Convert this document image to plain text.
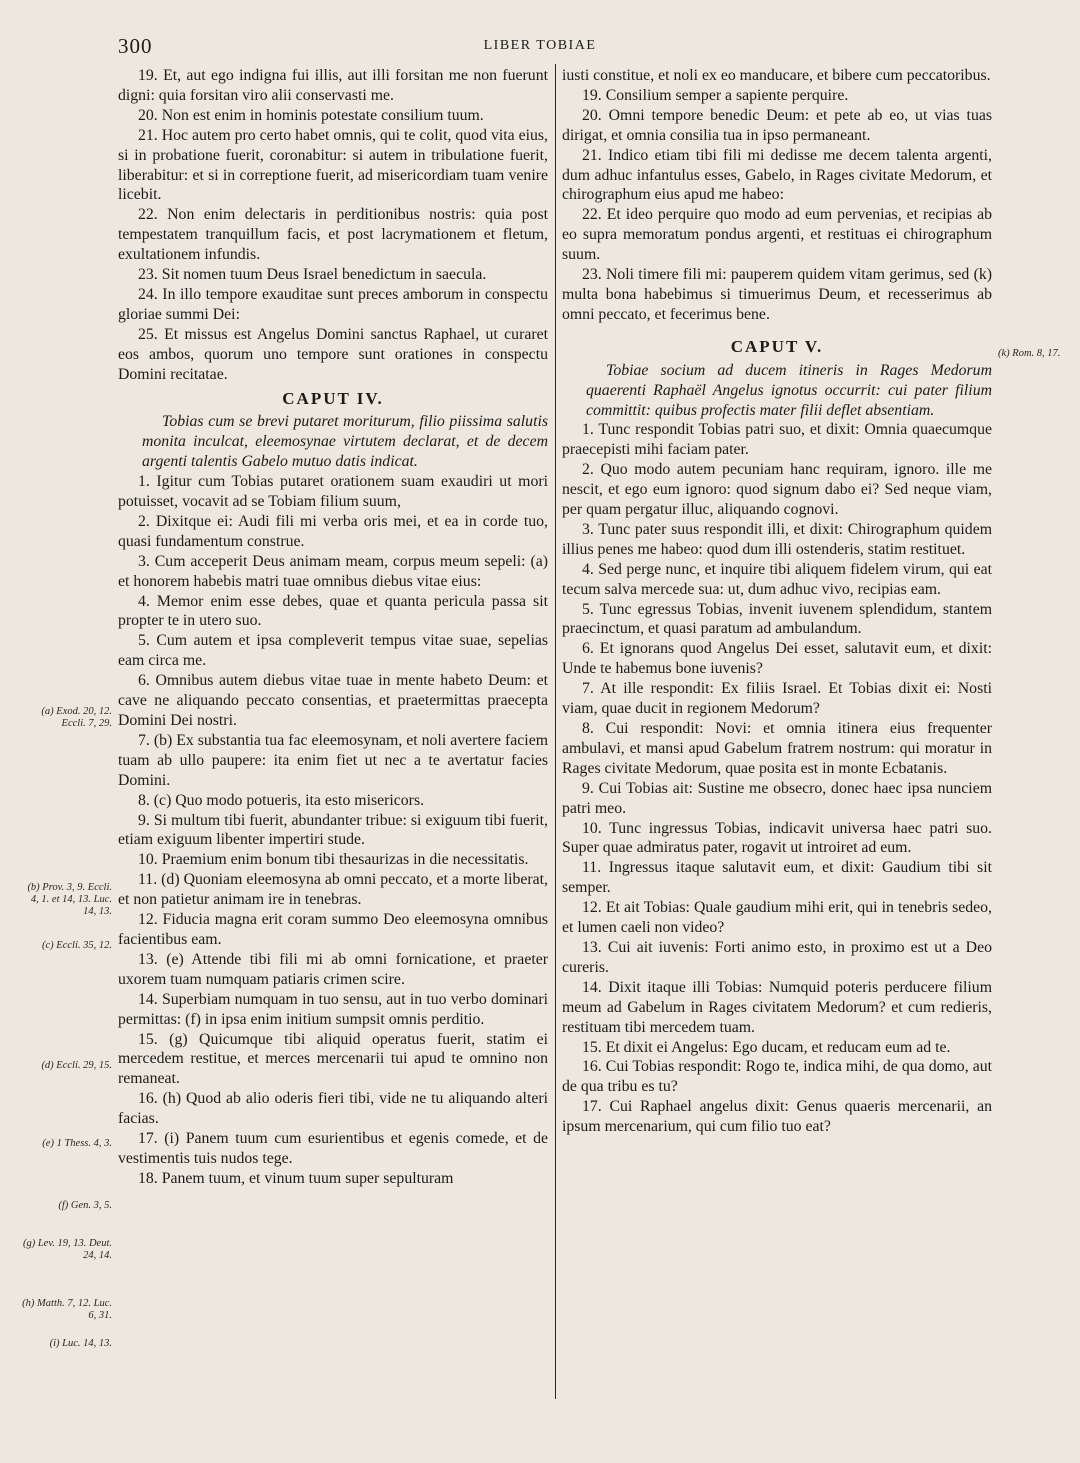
300	LIBER TOBIAE

19. Et, aut ego indigna fui illis, aut illi forsitan me non fuerunt digni: quia forsitan viro alii conservasti me.

20. Non est enim in hominis potestate consilium tuum.

21. Hoc autem pro certo habet omnis, qui te colit, quod vita eius, si in probatione fuerit, coronabitur: si autem in tribulatione fuerit, liberabitur: et si in correptione fuerit, ad misericordiam tuam venire licebit.

22. Non enim delectaris in perditionibus nostris: quia post tempestatem tranquillum facis, et post lacrymationem et fletum, exultationem infundis.

23. Sit nomen tuum Deus Israel benedictum in saecula.

24. In illo tempore exauditae sunt preces amborum in conspectu gloriae summi Dei:

25. Et missus est Angelus Domini sanctus Raphael, ut curaret eos ambos, quorum uno tempore sunt orationes in conspectu Domini recitatae.

CAPUT IV.

Tobias cum se brevi putaret moriturum, filio piissima salutis monita inculcat, eleemosynae virtutem declarat, et de decem argenti talentis Gabelo mutuo datis indicat.

1. Igitur cum Tobias putaret orationem suam exaudiri ut mori potuisset, vocavit ad se Tobiam filium suum,

2. Dixitque ei: Audi fili mi verba oris mei, et ea in corde tuo, quasi fundamentum construe.

3. Cum acceperit Deus animam meam, corpus meum sepeli: (a) et honorem habebis matri tuae omnibus diebus vitae eius:

4. Memor enim esse debes, quae et quanta pericula passa sit propter te in utero suo.

5. Cum autem et ipsa compleverit tempus vitae suae, sepelias eam circa me.

6. Omnibus autem diebus vitae tuae in mente habeto Deum: et cave ne aliquando peccato consentias, et praetermittas praecepta Domini Dei nostri.

7. (b) Ex substantia tua fac eleemosynam, et noli avertere faciem tuam ab ullo paupere: ita enim fiet ut nec a te avertatur facies Domini.

8. (c) Quo modo potueris, ita esto misericors.

9. Si multum tibi fuerit, abundanter tribue: si exiguum tibi fuerit, etiam exiguum libenter impertiri stude.

10. Praemium enim bonum tibi thesaurizas in die necessitatis.

11. (d) Quoniam eleemosyna ab omni peccato, et a morte liberat, et non patietur animam ire in tenebras.

12. Fiducia magna erit coram summo Deo eleemosyna omnibus facientibus eam.

13. (e) Attende tibi fili mi ab omni fornicatione, et praeter uxorem tuam numquam patiaris crimen scire.

14. Superbiam numquam in tuo sensu, aut in tuo verbo dominari permittas: (f) in ipsa enim initium sumpsit omnis perditio.

15. (g) Quicumque tibi aliquid operatus fuerit, statim ei mercedem restitue, et merces mercenarii tui apud te omnino non remaneat.

16. (h) Quod ab alio oderis fieri tibi, vide ne tu aliquando alteri facias.

17. (i) Panem tuum cum esurientibus et egenis comede, et de vestimentis tuis nudos tege.

18. Panem tuum, et vinum tuum super sepulturam

iusti constitue, et noli ex eo manducare, et bibere cum peccatoribus.

19. Consilium semper a sapiente perquire.

20. Omni tempore benedic Deum: et pete ab eo, ut vias tuas dirigat, et omnia consilia tua in ipso permaneant.

21. Indico etiam tibi fili mi dedisse me decem talenta argenti, dum adhuc infantulus esses, Gabelo, in Rages civitate Medorum, et chirographum eius apud me habeo:

22. Et ideo perquire quo modo ad eum pervenias, et recipias ab eo supra memoratum pondus argenti, et restituas ei chirographum suum.

23. Noli timere fili mi: pauperem quidem vitam gerimus, sed (k) multa bona habebimus si timuerimus Deum, et recesserimus ab omni peccato, et fecerimus bene.

CAPUT V.

Tobiae socium ad ducem itineris in Rages Medorum quaerenti Raphaël Angelus ignotus occurrit: cui pater filium committit: quibus profectis mater filii deflet absentiam.

1. Tunc respondit Tobias patri suo, et dixit: Omnia quaecumque praecepisti mihi faciam pater.

2. Quo modo autem pecuniam hanc requiram, ignoro. ille me nescit, et ego eum ignoro: quod signum dabo ei? Sed neque viam, per quam pergatur illuc, aliquando cognovi.

3. Tunc pater suus respondit illi, et dixit: Chirographum quidem illius penes me habeo: quod dum illi ostenderis, statim restituet.

4. Sed perge nunc, et inquire tibi aliquem fidelem virum, qui eat tecum salva mercede sua: ut, dum adhuc vivo, recipias eam.

5. Tunc egressus Tobias, invenit iuvenem splendidum, stantem praecinctum, et quasi paratum ad ambulandum.

6. Et ignorans quod Angelus Dei esset, salutavit eum, et dixit: Unde te habemus bone iuvenis?

7. At ille respondit: Ex filiis Israel. Et Tobias dixit ei: Nosti viam, quae ducit in regionem Medorum?

8. Cui respondit: Novi: et omnia itinera eius frequenter ambulavi, et mansi apud Gabelum fratrem nostrum: qui moratur in Rages civitate Medorum, quae posita est in monte Ecbatanis.

9. Cui Tobias ait: Sustine me obsecro, donec haec ipsa nunciem patri meo.

10. Tunc ingressus Tobias, indicavit universa haec patri suo. Super quae admiratus pater, rogavit ut introiret ad eum.

11. Ingressus itaque salutavit eum, et dixit: Gaudium tibi sit semper.

12. Et ait Tobias: Quale gaudium mihi erit, qui in tenebris sedeo, et lumen caeli non video?

13. Cui ait iuvenis: Forti animo esto, in proximo est ut a Deo cureris.

14. Dixit itaque illi Tobias: Numquid poteris perducere filium meum ad Gabelum in Rages civitatem Medorum? et cum redieris, restituam tibi mercedem tuam.

15. Et dixit ei Angelus: Ego ducam, et reducam eum ad te.

16. Cui Tobias respondit: Rogo te, indica mihi, de qua domo, aut de qua tribu es tu?

17. Cui Raphael angelus dixit: Genus quaeris mercenarii, an ipsum mercenarium, qui cum filio tuo eat?

(a) Exod. 20, 12. Eccli. 7, 29.
(b) Prov. 3, 9. Eccli. 4, 1. et 14, 13. Luc. 14, 13.
(c) Eccli. 35, 12.
(d) Eccli. 29, 15.
(e) 1 Thess. 4, 3.
(f) Gen. 3, 5.
(g) Lev. 19, 13. Deut. 24, 14.
(h) Matth. 7, 12. Luc. 6, 31.
(i) Luc. 14, 13.
(k) Rom. 8, 17.
